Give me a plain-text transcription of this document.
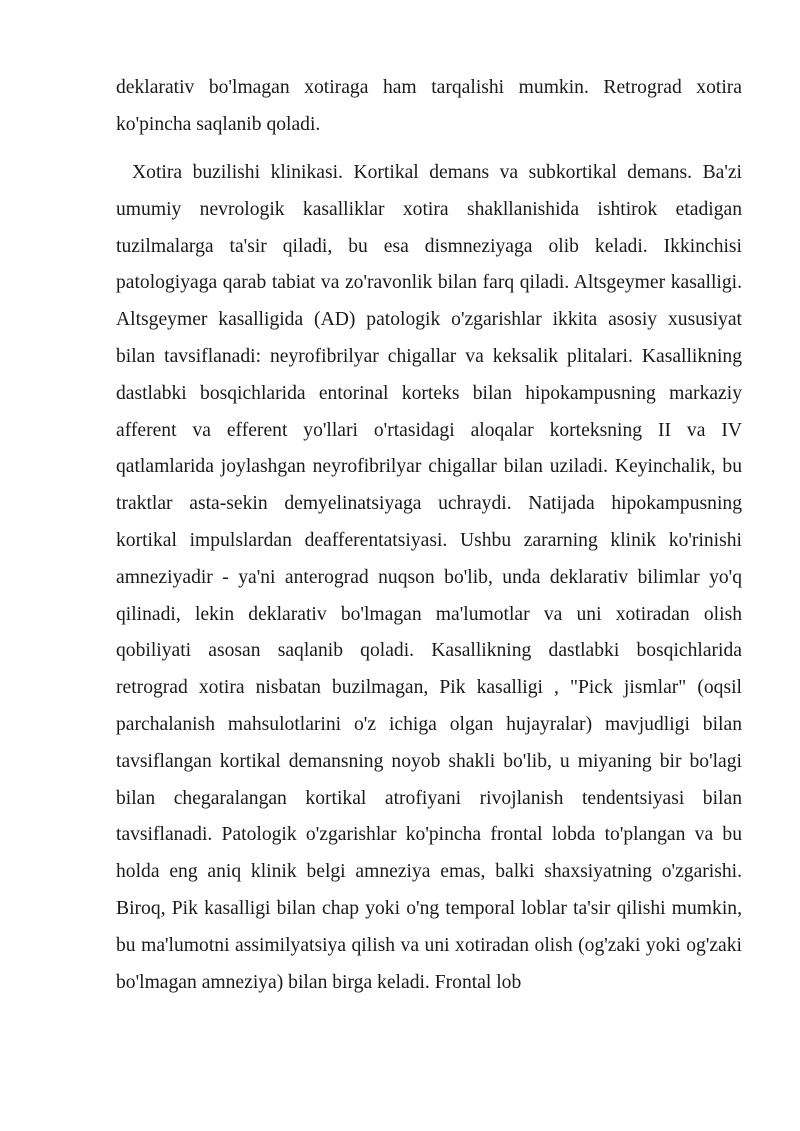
deklarativ bo'lmagan xotiraga ham tarqalishi mumkin. Retrograd xotira ko'pincha saqlanib qoladi.

Xotira buzilishi klinikasi. Kortikal demans va subkortikal demans. Ba'zi umumiy nevrologik kasalliklar xotira shakllanishida ishtirok etadigan tuzilmalarga ta'sir qiladi, bu esa dismneziyaga olib keladi. Ikkinchisi patologiyaga qarab tabiat va zo'ravonlik bilan farq qiladi. Altsgeymer kasalligi. Altsgeymer kasalligida (AD) patologik o'zgarishlar ikkita asosiy xususiyat bilan tavsiflanadi: neyrofibrilyar chigallar va keksalik plitalari. Kasallikning dastlabki bosqichlarida entorinal korteks bilan hipokampusning markaziy afferent va efferent yo'llari o'rtasidagi aloqalar korteksning II va IV qatlamlarida joylashgan neyrofibrilyar chigallar bilan uziladi. Keyinchalik, bu traktlar asta-sekin demyelinatsiyaga uchraydi. Natijada hipokampusning kortikal impulslardan deafferentatsiyasi. Ushbu zararning klinik ko'rinishi amneziyadir - ya'ni anterograd nuqson bo'lib, unda deklarativ bilimlar yo'q qilinadi, lekin deklarativ bo'lmagan ma'lumotlar va uni xotiradan olish qobiliyati asosan saqlanib qoladi. Kasallikning dastlabki bosqichlarida retrograd xotira nisbatan buzilmagan, Pik kasalligi , "Pick jismlar" (oqsil parchalanish mahsulotlarini o'z ichiga olgan hujayralar) mavjudligi bilan tavsiflangan kortikal demansning noyob shakli bo'lib, u miyaning bir bo'lagi bilan chegaralangan kortikal atrofiyani rivojlanish tendentsiyasi bilan tavsiflanadi. Patologik o'zgarishlar ko'pincha frontal lobda to'plangan va bu holda eng aniq klinik belgi amneziya emas, balki shaxsiyatning o'zgarishi. Biroq, Pik kasalligi bilan chap yoki o'ng temporal loblar ta'sir qilishi mumkin, bu ma'lumotni assimilyatsiya qilish va uni xotiradan olish (og'zaki yoki og'zaki bo'lmagan amneziya) bilan birga keladi. Frontal lob
